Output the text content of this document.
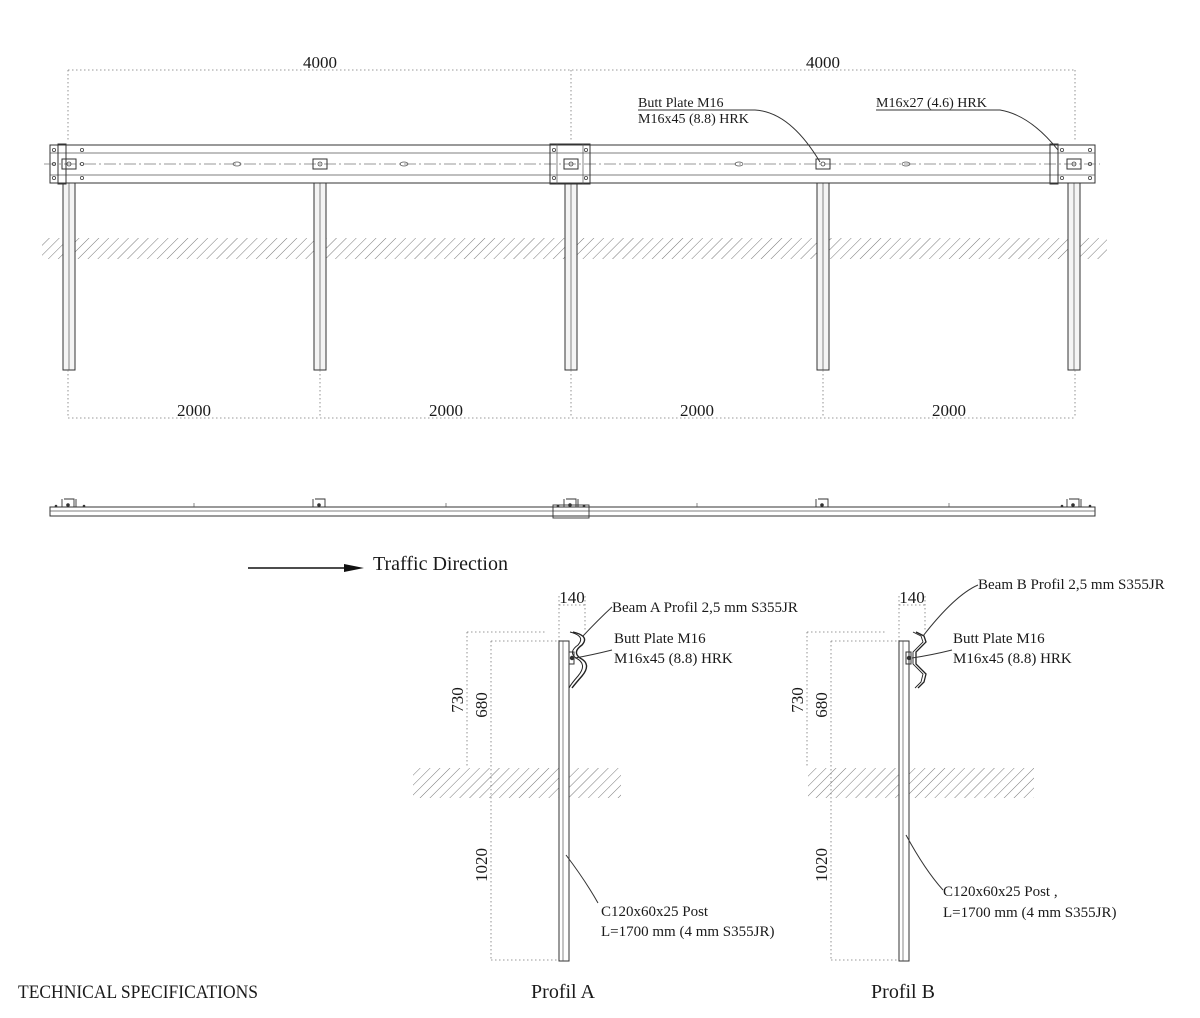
4000	4000
Butt Plate M16
M16x45 (8.8) HRK
M16x27 (4.6) HRK
2000	2000	2000	2000
Traffic Direction
140
730 680
1020
Beam A Profil 2,5 mm S355JR
Butt Plate M16
M16x45 (8.8) HRK
C120x60x25 Post
L=1700 mm (4 mm S355JR)
Profil A
140
730 680
1020
Beam B Profil 2,5 mm S355JR
Butt Plate M16
M16x45 (8.8) HRK
C120x60x25 Post ,
L=1700 mm (4 mm S355JR)
Profil B
TECHNICAL SPECIFICATIONS
